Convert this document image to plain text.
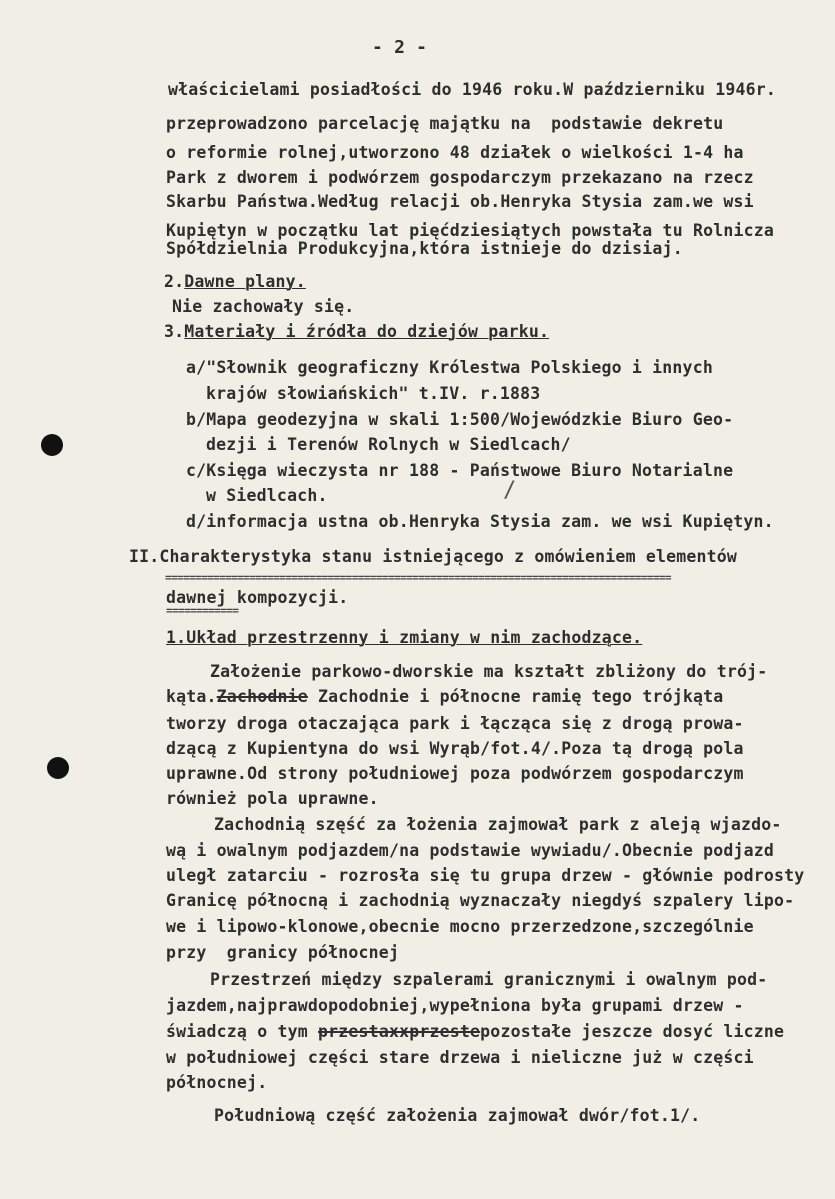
- 2 -
właścicielami posiadłości do 1946 roku.W październiku 1946r.
przeprowadzono parcelację majątku na  podstawie dekretu
o reformie rolnej,utworzono 48 działek o wielkości 1-4 ha
Park z dworem i podwórzem gospodarczym przekazano na rzecz
Skarbu Państwa.Według relacji ob.Henryka Stysia zam.we wsi
Kupiętyn w początku lat pięćdziesiątych powstała tu Rolnicza
Spółdzielnia Produkcyjna,która istnieje do dzisiaj.
2.Dawne plany.
Nie zachowały się.
3.Materiały i źródła do dziejów parku.
a/"Słownik geograficzny Królestwa Polskiego i innych
krajów słowiańskich" t.IV. r.1883
b/Mapa geodezyjna w skali 1:500/Wojewódzkie Biuro Geo-
dezji i Terenów Rolnych w Siedlcach/
c/Księga wieczysta nr 188 - Państwowe Biuro Notarialne
w Siedlcach.	/
d/informacja ustna ob.Henryka Stysia zam. we wsi Kupiętyn.
II.Charakterystyka stanu istniejącego z omówieniem elementów
====================================================================================
dawnej kompozycji.
============
1.Układ przestrzenny i zmiany w nim zachodzące.
Założenie parkowo-dworskie ma kształt zbliżony do trój-
kąta.Zachodnie Zachodnie i północne ramię tego trójkąta
tworzy droga otaczająca park i łącząca się z drogą prowa-
dzącą z Kupientyna do wsi Wyrąb/fot.4/.Poza tą drogą pola
uprawne.Od strony południowej poza podwórzem gospodarczym
również pola uprawne.
Zachodnią szęść za łożenia zajmował park z aleją wjazdo-
wą i owalnym podjazdem/na podstawie wywiadu/.Obecnie podjazd
uległ zatarciu - rozrosła się tu grupa drzew - głównie podrosty
Granicę północną i zachodnią wyznaczały niegdyś szpalery lipo-
we i lipowo-klonowe,obecnie mocno przerzedzone,szczególnie
przy  granicy północnej
Przestrzeń między szpalerami granicznymi i owalnym pod-
jazdem,najprawdopodobniej,wypełniona była grupami drzew -
świadczą o tym przestaxxprzestepozostałe jeszcze dosyć liczne
w południowej części stare drzewa i nieliczne już w części
północnej.
Południową część założenia zajmował dwór/fot.1/.
